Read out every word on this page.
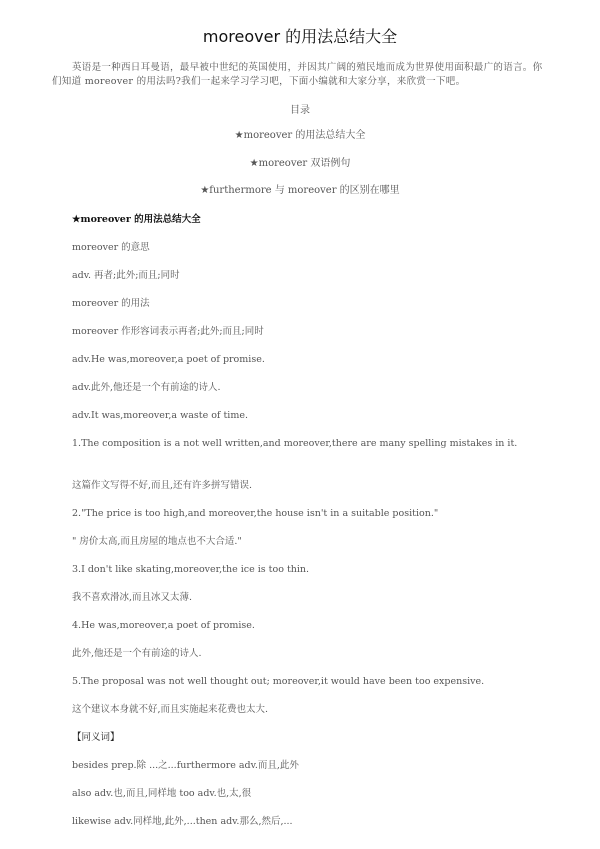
moreover 的用法总结大全

英语是一种西日耳曼语，最早被中世纪的英国使用，并因其广阔的殖民地而成为世界使用面积最广的语言。你们知道 moreover 的用法吗?我们一起来学习学习吧，下面小编就和大家分享，来欣赏一下吧。

目录

★moreover 的用法总结大全
★moreover 双语例句
★furthermore 与 moreover 的区别在哪里

★moreover 的用法总结大全

moreover 的意思

adv. 再者;此外;而且;同时

moreover 的用法

moreover 作形容词表示再者;此外;而且;同时

adv.He was,moreover,a poet of promise.

adv.此外,他还是一个有前途的诗人.

adv.It was,moreover,a waste of time.

1.The composition is a not well written,and moreover,there are many spelling mistakes in it.

这篇作文写得不好,而且,还有许多拼写错误.

2."The price is too high,and moreover,the house isn't in a suitable position."

" 房价太高,而且房屋的地点也不大合适."

3.I don't like skating,moreover,the ice is too thin.

我不喜欢滑冰,而且冰又太薄.

4.He was,moreover,a poet of promise.

此外,他还是一个有前途的诗人.

5.The proposal was not well thought out; moreover,it would have been too expensive.

这个建议本身就不好,而且实施起来花费也太大.

【同义词】

besides prep.除 ...之...furthermore adv.而且,此外

also adv.也,而且,同样地 too adv.也,太,很

likewise adv.同样地,此外,...then adv.那么,然后,...
